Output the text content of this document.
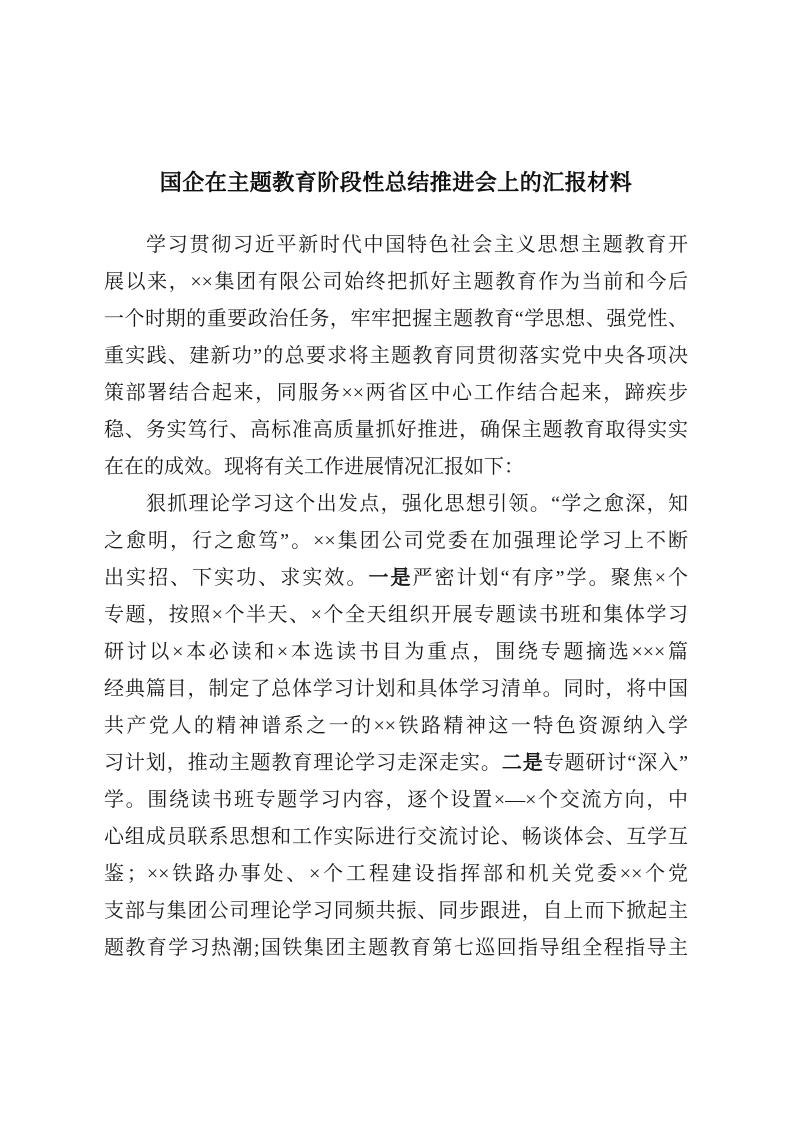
国企在主题教育阶段性总结推进会上的汇报材料
学习贯彻习近平新时代中国特色社会主义思想主题教育开
展以来，××集团有限公司始终把抓好主题教育作为当前和今后
一个时期的重要政治任务，牢牢把握主题教育“学思想、强党性、
重实践、建新功”的总要求将主题教育同贯彻落实党中央各项决
策部署结合起来，同服务××两省区中心工作结合起来，蹄疾步
稳、务实笃行、高标准高质量抓好推进，确保主题教育取得实实
在在的成效。现将有关工作进展情况汇报如下：
狠抓理论学习这个出发点，强化思想引领。“学之愈深，知
之愈明，行之愈笃”。××集团公司党委在加强理论学习上不断
出实招、下实功、求实效。一是严密计划“有序”学。聚焦×个
专题，按照×个半天、×个全天组织开展专题读书班和集体学习
研讨以×本必读和×本选读书目为重点，围绕专题摘选×××篇
经典篇目，制定了总体学习计划和具体学习清单。同时，将中国
共产党人的精神谱系之一的××铁路精神这一特色资源纳入学
习计划，推动主题教育理论学习走深走实。二是专题研讨“深入”
学。围绕读书班专题学习内容，逐个设置×—×个交流方向，中
心组成员联系思想和工作实际进行交流讨论、畅谈体会、互学互
鉴；××铁路办事处、×个工程建设指挥部和机关党委××个党
支部与集团公司理论学习同频共振、同步跟进，自上而下掀起主
题教育学习热潮;国铁集团主题教育第七巡回指导组全程指导主
